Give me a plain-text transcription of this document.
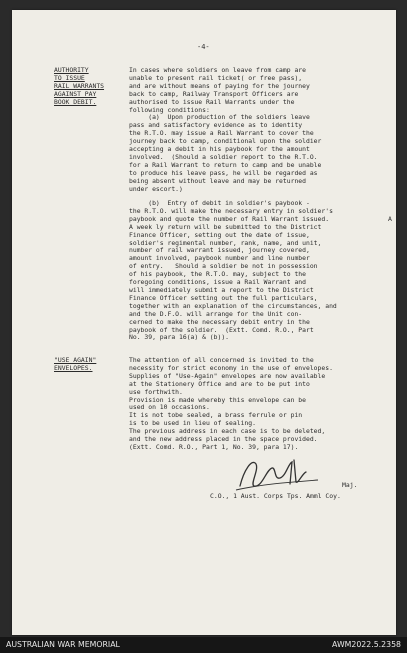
-4-
AUTHORITY
TO ISSUE
RAIL WARRANTS
AGAINST PAY
BOOK DEBIT.
In cases where soldiers on leave from camp are
unable to present rail ticket( or free pass),
and are without means of paying for the journey
back to camp, Railway Transport Officers are
authorised to issue Rail Warrants under the
following conditions:
(a)  Upon production of the soldiers leave
pass and satisfactory evidence as to identity
the R.T.O. may issue a Rail Warrant to cover the
journey back to camp, conditional upon the soldier
accepting a debit in his paybook for the amount
involved.  (Should a soldier report to the R.T.O.
for a Rail Warrant to return to camp and be unable
to produce his leave pass, he will be regarded as
being absent without leave and may be returned
under escort.)
(b)  Entry of debit in soldier's paybook -
the R.T.O. will make the necessary entry in soldier's
paybook and quote the number of Rail Warrant issued.
A week ly return will be submitted to the District
Finance Officer, setting out the date of issue,
soldier's regimental number, rank, name, and unit,
number of rail warrant issued, journey covered,
amount involved, paybook number and line number
of entry.   Should a soldier be not in possession
of his paybook, the R.T.O. may, subject to the
foregoing conditions, issue a Rail Warrant and
will immediately submit a report to the District
Finance Officer setting out the full particulars,
together with an explanation of the circumstances, and
and the D.F.O. will arrange for the Unit con-
cerned to make the necessary debit entry in the
paybook of the soldier.  (Extt. Comd. R.O., Part
No. 39, para 16(a) & (b)).
A
"USE AGAIN"
ENVELOPES.
The attention of all concerned is invited to the
necessity for strict economy in the use of envelopes.
Supplies of "Use-Again" envelopes are now available
at the Stationery Office and are to be put into
use forthwith.
Provision is made whereby this envelope can be
used on 10 occasions.
It is not tobe sealed, a brass ferrule or pin
is to be used in lieu of sealing.
The previous address in each case is to be deleted,
and the new address placed in the space provided.
(Extt. Comd. R.O., Part 1, No. 39, para 17).
Maj.
C.O., 1 Aust. Corps Tps. Amml Coy.
AUSTRALIAN WAR MEMORIAL	AWM2022.5.2358
